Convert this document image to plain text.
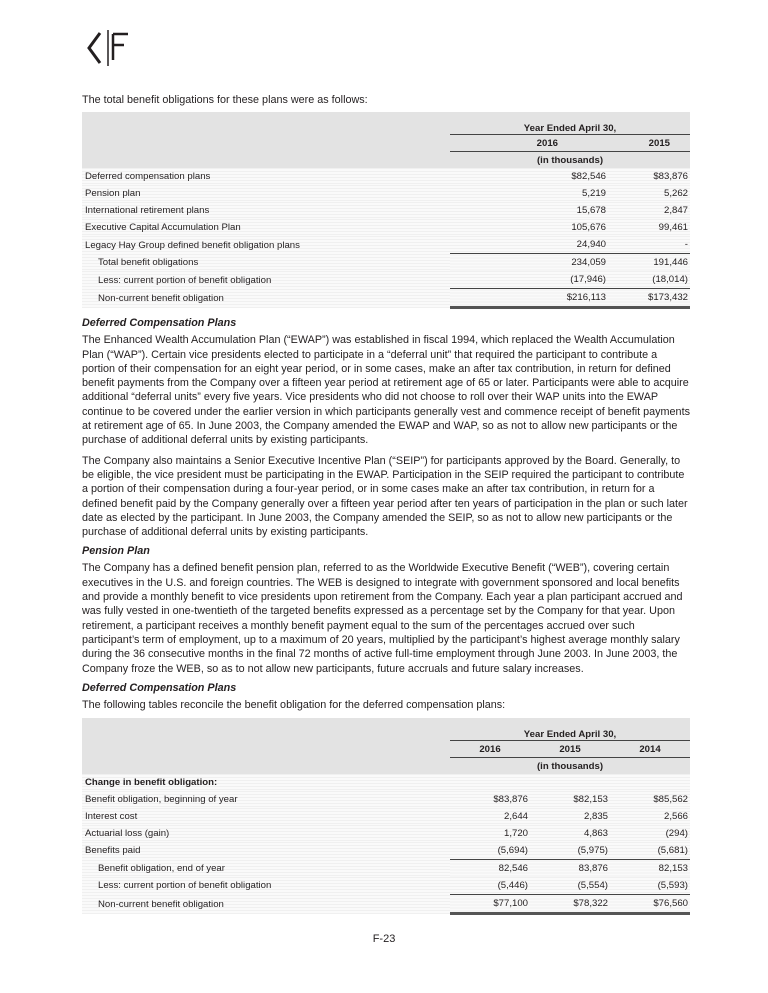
The total benefit obligations for these plans were as follows:

	Year Ended April 30,	
	2016	2015
	(in thousands)	
Deferred compensation plans	$82,546	$83,876
Pension plan	5,219	5,262
International retirement plans	15,678	2,847
Executive Capital Accumulation Plan	105,676	99,461
Legacy Hay Group defined benefit obligation plans	24,940	-
Total benefit obligations	234,059	191,446
Less: current portion of benefit obligation	(17,946)	(18,014)
Non-current benefit obligation	$216,113	$173,432
Deferred Compensation Plans

The Enhanced Wealth Accumulation Plan (“EWAP”) was established in fiscal 1994, which replaced the Wealth Accumulation Plan (“WAP”). Certain vice presidents elected to participate in a “deferral unit” that required the participant to contribute a portion of their compensation for an eight year period, or in some cases, make an after tax contribution, in return for defined benefit payments from the Company over a fifteen year period at retirement age of 65 or later. Participants were able to acquire additional “deferral units” every five years. Vice presidents who did not choose to roll over their WAP units into the EWAP continue to be covered under the earlier version in which participants generally vest and commence receipt of benefit payments at retirement age of 65. In June 2003, the Company amended the EWAP and WAP, so as not to allow new participants or the purchase of additional deferral units by existing participants.

The Company also maintains a Senior Executive Incentive Plan (“SEIP”) for participants approved by the Board. Generally, to be eligible, the vice president must be participating in the EWAP. Participation in the SEIP required the participant to contribute a portion of their compensation during a four-year period, or in some cases make an after tax contribution, in return for a defined benefit paid by the Company generally over a fifteen year period after ten years of participation in the plan or such later date as elected by the participant. In June 2003, the Company amended the SEIP, so as not to allow new participants or the purchase of additional deferral units by existing participants.

Pension Plan

The Company has a defined benefit pension plan, referred to as the Worldwide Executive Benefit (“WEB”), covering certain executives in the U.S. and foreign countries. The WEB is designed to integrate with government sponsored and local benefits and provide a monthly benefit to vice presidents upon retirement from the Company. Each year a plan participant accrued and was fully vested in one-twentieth of the targeted benefits expressed as a percentage set by the Company for that year. Upon retirement, a participant receives a monthly benefit payment equal to the sum of the percentages accrued over such participant’s term of employment, up to a maximum of 20 years, multiplied by the participant’s highest average monthly salary during the 36 consecutive months in the final 72 months of active full-time employment through June 2003. In June 2003, the Company froze the WEB, so as to not allow new participants, future accruals and future salary increases.

Deferred Compensation Plans

The following tables reconcile the benefit obligation for the deferred compensation plans:

	Year Ended April 30,		
	2016	2015	2014
	(in thousands)		
Change in benefit obligation:			
Benefit obligation, beginning of year	$83,876	$82,153	$85,562
Interest cost	2,644	2,835	2,566
Actuarial loss (gain)	1,720	4,863	(294)
Benefits paid	(5,694)	(5,975)	(5,681)
Benefit obligation, end of year	82,546	83,876	82,153
Less: current portion of benefit obligation	(5,446)	(5,554)	(5,593)
Non-current benefit obligation	$77,100	$78,322	$76,560
F-23
